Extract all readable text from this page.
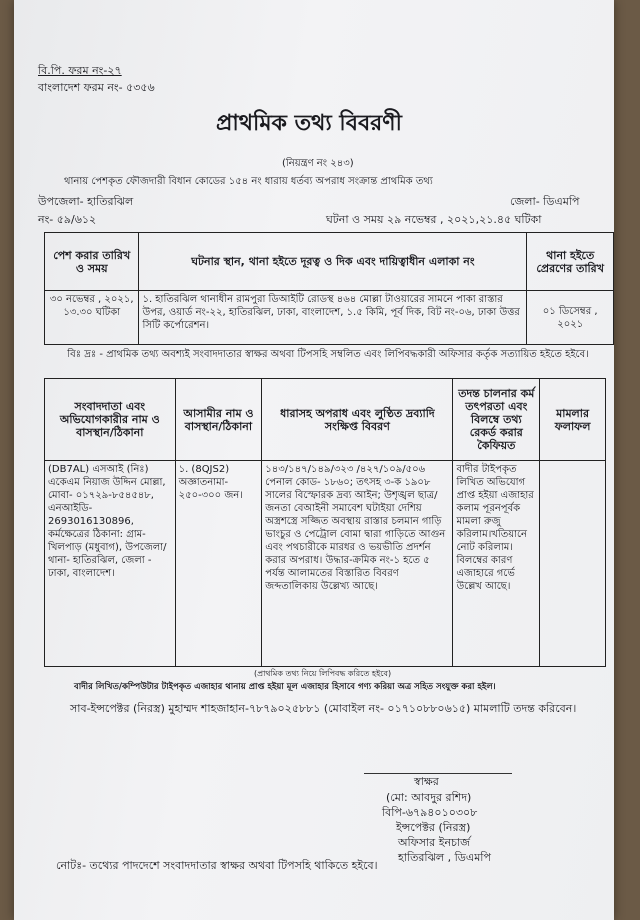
বি.পি. ফরম নং-২৭
বাংলাদেশ ফরম নং- ৫৩৫৬
প্রাথমিক তথ্য বিবরণী
(নিয়ন্ত্রণ নং ২৪৩)
থানায় পেশকৃত ফৌজদারী বিধান কোডের ১৫৪ নং ধারায় ধর্তব্য অপরাধ সংক্রান্ত প্রাথমিক তথ্য
উপজেলা- হাতিরঝিল	জেলা- ডিএমপি
নং- ৫৯/৬১২	ঘটনা ও সময় ২৯ নভেম্বর , ২০২১,২১.৪৫ ঘটিকা
পেশ করার তারিখ ও সময়	ঘটনার স্থান, থানা হইতে দূরত্ব ও দিক এবং দায়িত্বাধীন এলাকা নং	থানা হইতে প্রেরণের তারিখ
৩০ নভেম্বর , ২০২১, ১৩.৩০ ঘটিকা	১. হাতিরঝিল থানাধীন রামপুরা ডিআইটি রোডস্থ ৪৬৪ মোল্লা টাওয়ারের সামনে পাকা রাস্তার উপর, ওয়ার্ড নং-২২, হাতিরঝিল, ঢাকা, বাংলাদেশ, ১.৫ কিমি, পূর্ব দিক, বিট নং-০৬, ঢাকা উত্তর সিটি কর্পোরেশন।	০১ ডিসেম্বর , ২০২১
বিঃ দ্রঃ - প্রাথমিক তথ্য অবশ্যই সংবাদদাতার স্বাক্ষর অথবা টিপসহি সম্বলিত এবং লিপিবদ্ধকারী অফিসার কর্তৃক সত্যায়িত হইতে হইবে।
সংবাদদাতা এবং অভিযোগকারীর নাম ও বাসস্থান/ঠিকানা	আসামীর নাম ও বাসস্থান/ঠিকানা	ধারাসহ অপরাধ এবং লুণ্ঠিত দ্রব্যাদি সংক্ষিপ্ত বিবরণ	তদন্ত চালনার কর্ম তৎপরতা এবং বিলম্বে তথ্য রেকর্ড করার কৈফিয়ত	মামলার ফলাফল
(DB7AL) এসআই (নিঃ) একেএম নিয়াজ উদ্দিন মোল্লা, মোবা- ০১৭২৯-৮৫৪৫৪৮, এনআইডি- 2693016130896, কর্মক্ষেত্রের ঠিকানা: গ্রাম- খিলপাড় (মধুবাগ), উপজেলা/থানা- হাতিরঝিল, জেলা - ঢাকা, বাংলাদেশ।	১. (8QJS2) অজ্ঞাতনামা- ২৫০-৩০০ জন।	১৪৩/১৪৭/১৪৯/৩২৩ /৪২৭/১০৯/৫০৬ পেনাল কোড- ১৮৬০; তৎসহ ৩-ক ১৯০৮ সালের বিস্ফোরক দ্রব্য আইন; উশৃঙ্খল ছাত্র/জনতা বেআইনী সমাবেশ ঘটাইয়া দেশিয় অস্ত্রশস্ত্রে সজ্জিত অবস্থায় রাস্তার চলমান গাড়ি ভাংচুর ও পেট্রোল বোমা দ্বারা গাড়িতে আগুন এবং পথচারীকে মারধর ও ভয়ভীতি প্রদর্শন করার অপরাধ। উদ্ধার-ক্রমিক নং-১ হতে ৫ পর্যন্ত আলামতের বিস্তারিত বিবরণ জব্দতালিকায় উল্লেখ্য আছে।	বাদীর টাইপকৃত লিখিত অভিযোগ প্রাপ্ত হইয়া এজাহার কলাম পূরনপূর্বক মামলা রুজু করিলাম।খতিয়ানে নোট করিলাম। বিলম্বের কারণ এজাহারে গর্ভে উল্লেখ আছে।	
(প্রাথমিক তথ্য নিয়ে লিপিবদ্ধ করিতে হইবে)
বাদীর লিখিত/কম্পিউটার টাইপকৃত এজাহার থানায় প্রাপ্ত হইয়া মূল এজাহার হিসাবে গণ্য করিয়া অত্র সহিত সংযুক্ত করা হইল।
সাব-ইন্সপেক্টর (নিরস্ত্র) মুহাম্মদ শাহজাহান-৭৮৭৯০২৫৮৮১ (মোবাইল নং- ০১৭১০৮৮০৬১৫) মামলাটি তদন্ত করিবেন।
স্বাক্ষর
(মো: আবদুর রশিদ)
বিপি-৬৭৯৪০১০৩০৮
ইন্সপেক্টর (নিরস্ত্র)
অফিসার ইনচার্জ
হাতিরঝিল , ডিএমপি
নোটঃ- তথ্যের পাদদেশে সংবাদদাতার স্বাক্ষর অথবা টিপসহি থাকিতে হইবে।
